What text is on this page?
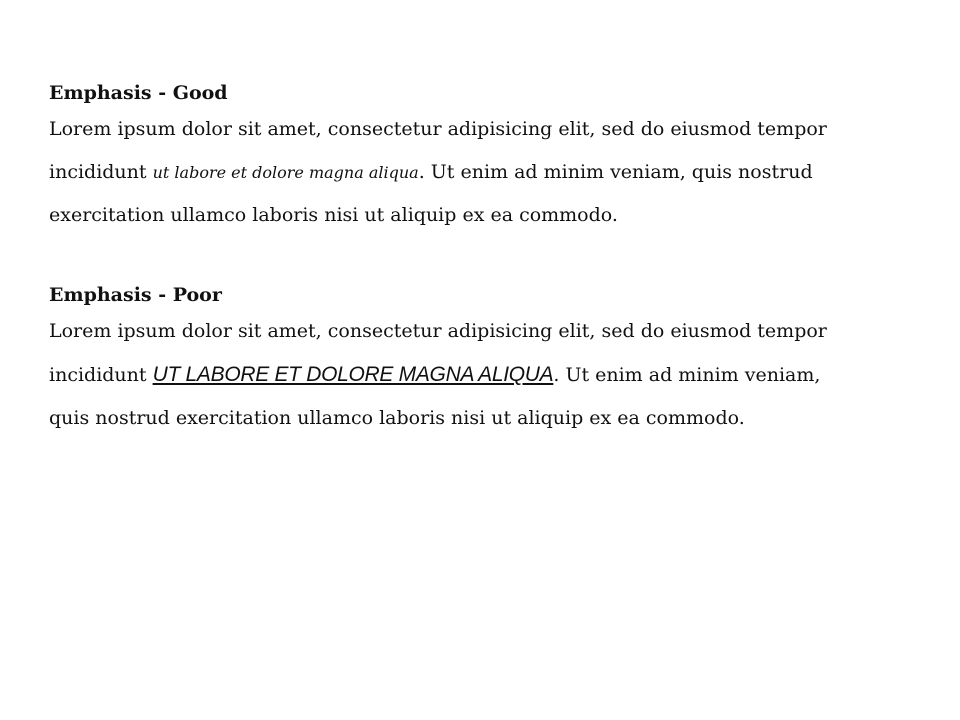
Emphasis - Good

Lorem ipsum dolor sit amet, consectetur adipisicing elit, sed do eiusmod tempor incididunt ut labore et dolore magna aliqua. Ut enim ad minim veniam, quis nostrud exercitation ullamco laboris nisi ut aliquip ex ea commodo.

Emphasis - Poor

Lorem ipsum dolor sit amet, consectetur adipisicing elit, sed do eiusmod tempor incididunt UT LABORE ET DOLORE MAGNA ALIQUA. Ut enim ad minim veniam, quis nostrud exercitation ullamco laboris nisi ut aliquip ex ea commodo.
